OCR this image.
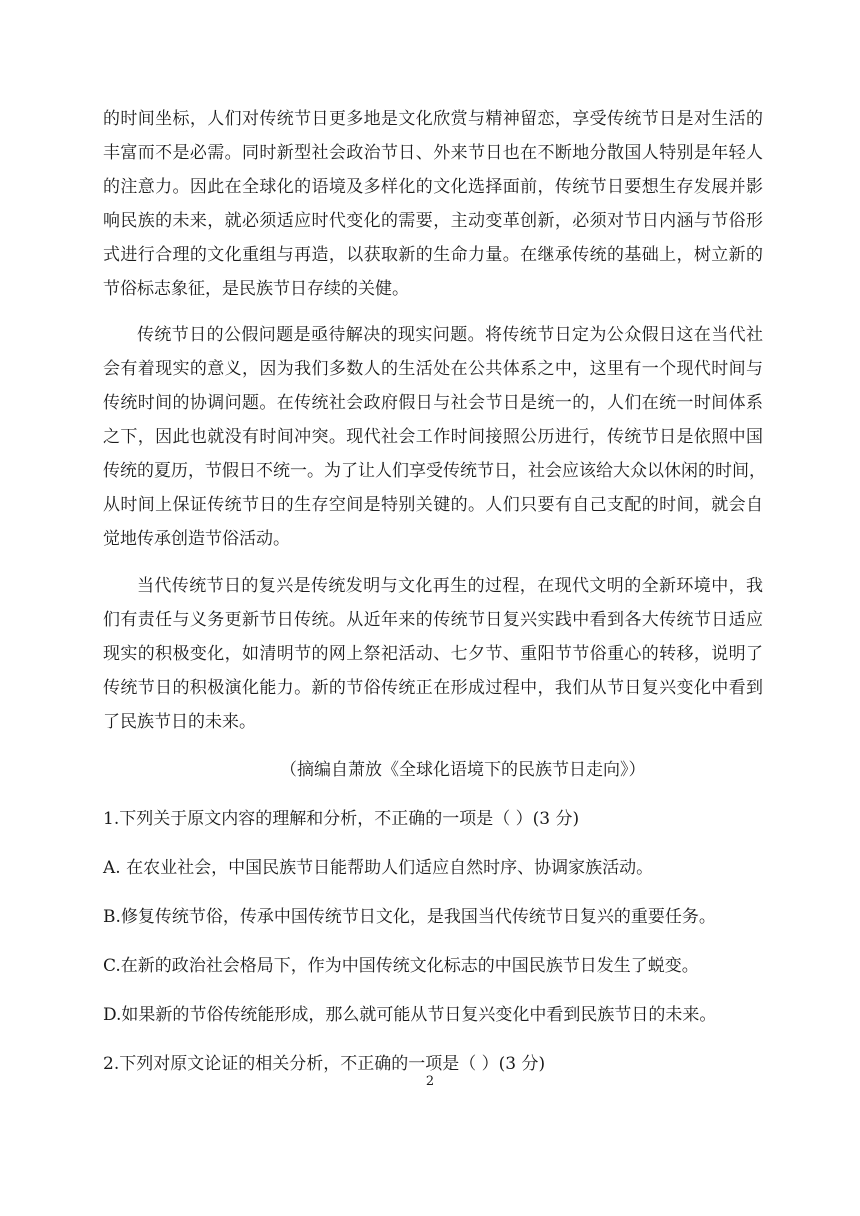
的时间坐标，人们对传统节日更多地是文化欣赏与精神留恋，享受传统节日是对生活的
丰富而不是必需。同时新型社会政治节日、外来节日也在不断地分散国人特别是年轻人
的注意力。因此在全球化的语境及多样化的文化选择面前，传统节日要想生存发展并影
响民族的未来，就必须适应时代变化的需要，主动变革创新，必须对节日内涵与节俗形
式进行合理的文化重组与再造，以获取新的生命力量。在继承传统的基础上，树立新的
节俗标志象征，是民族节日存续的关健。
传统节日的公假问题是亟待解决的现实问题。将传统节日定为公众假日这在当代社
会有着现实的意义，因为我们多数人的生活处在公共体系之中，这里有一个现代时间与
传统时间的协调问题。在传统社会政府假日与社会节日是统一的，人们在统一时间体系
之下，因此也就没有时间冲突。现代社会工作时间接照公历进行，传统节日是依照中国
传统的夏历，节假日不统一。为了让人们享受传统节日，社会应该给大众以休闲的时间，
从时间上保证传统节日的生存空间是特别关键的。人们只要有自己支配的时间，就会自
觉地传承创造节俗活动。
当代传统节日的复兴是传统发明与文化再生的过程，在现代文明的全新环境中，我
们有责任与义务更新节日传统。从近年来的传统节日复兴实践中看到各大传统节日适应
现实的积极变化，如清明节的网上祭祀活动、七夕节、重阳节节俗重心的转移，说明了
传统节日的积极演化能力。新的节俗传统正在形成过程中，我们从节日复兴变化中看到
了民族节日的未来。
（摘编自萧放《全球化语境下的民族节日走向》）
1.下列关于原文内容的理解和分析，不正确的一项是（ ）(3 分)
A. 在农业社会，中国民族节日能帮助人们适应自然时序、协调家族活动。
B.修复传统节俗，传承中国传统节日文化，是我国当代传统节日复兴的重要任务。
C.在新的政治社会格局下，作为中国传统文化标志的中国民族节日发生了蜕变。
D.如果新的节俗传统能形成，那么就可能从节日复兴变化中看到民族节日的未来。
2.下列对原文论证的相关分析，不正确的一项是（ ）(3 分)
2
